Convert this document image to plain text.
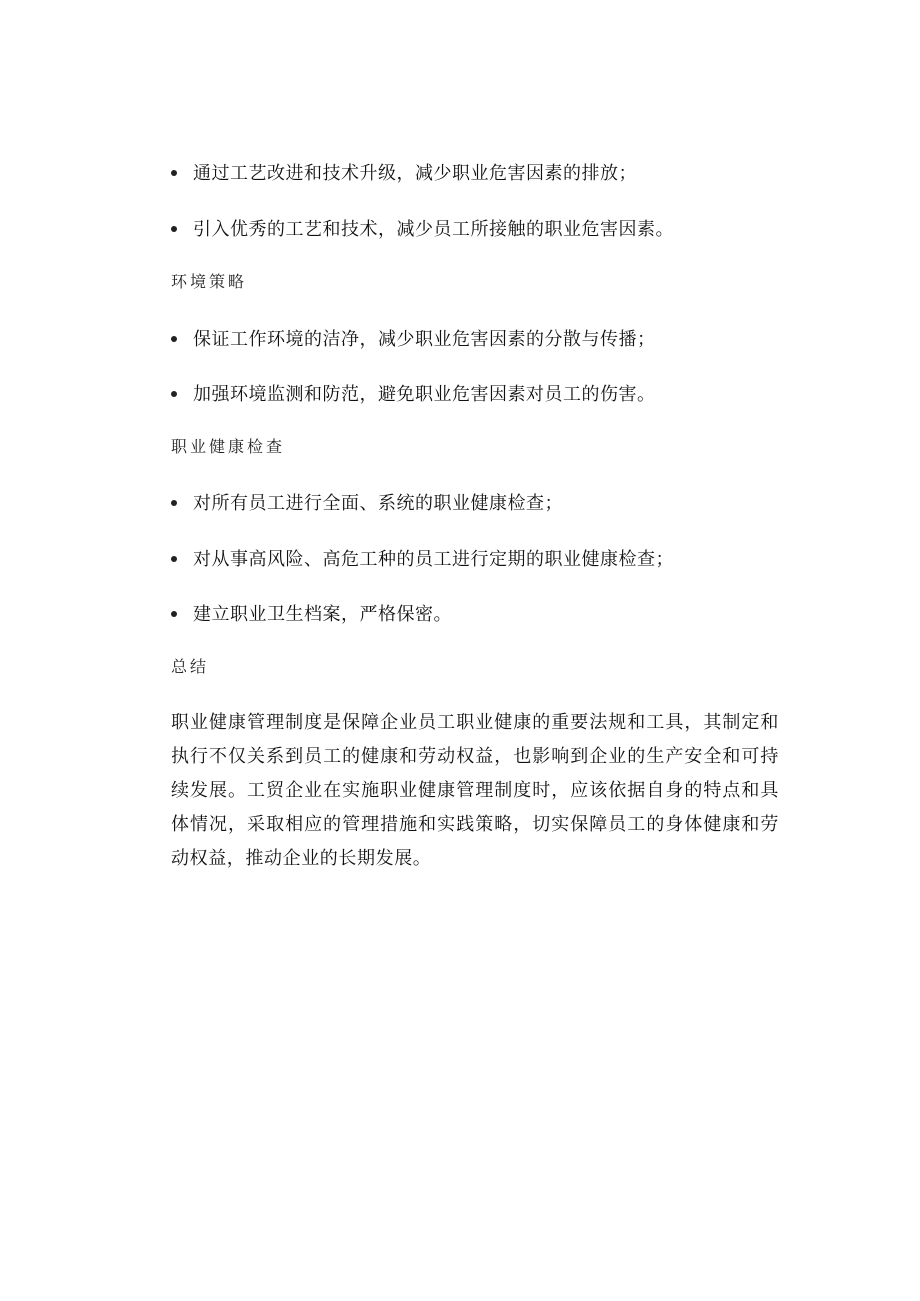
通过工艺改进和技术升级，减少职业危害因素的排放；
引入优秀的工艺和技术，减少员工所接触的职业危害因素。
环境策略
保证工作环境的洁净，减少职业危害因素的分散与传播；
加强环境监测和防范，避免职业危害因素对员工的伤害。
职业健康检查
对所有员工进行全面、系统的职业健康检查；
对从事高风险、高危工种的员工进行定期的职业健康检查；
建立职业卫生档案，严格保密。
总结

职业健康管理制度是保障企业员工职业健康的重要法规和工具，其制定和执行不仅关系到员工的健康和劳动权益，也影响到企业的生产安全和可持续发展。工贸企业在实施职业健康管理制度时，应该依据自身的特点和具体情况，采取相应的管理措施和实践策略，切实保障员工的身体健康和劳动权益，推动企业的长期发展。
